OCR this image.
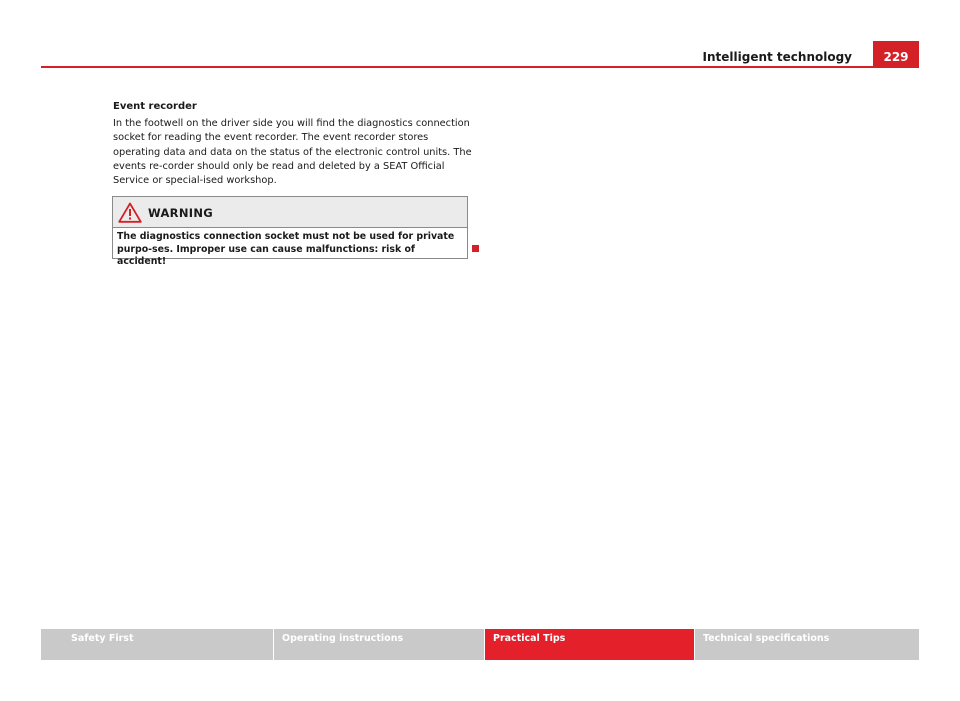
Intelligent technology	229
Event recorder

In the footwell on the driver side you will find the diagnostics connection socket for reading the event recorder. The event recorder stores operating data and data on the status of the electronic control units. The events re-corder should only be read and deleted by a SEAT Official Service or special-ised workshop.

WARNING
The diagnostics connection socket must not be used for private purpo-ses. Improper use can cause malfunctions: risk of accident!
Safety First	Operating instructions	Practical Tips	Technical specifications
